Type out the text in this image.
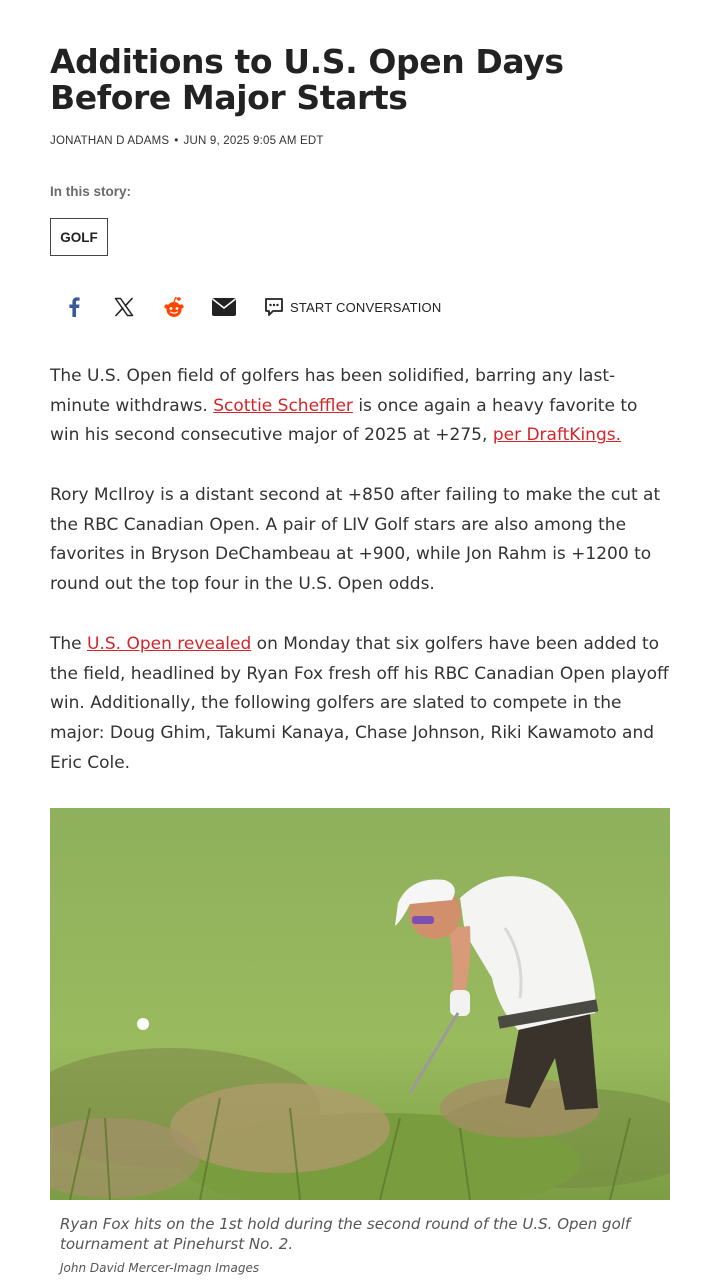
Additions to U.S. Open Days Before Major Starts
JONATHAN D ADAMS • JUN 9, 2025 9:05 AM EDT
In this story:
GOLF
START CONVERSATION

The U.S. Open field of golfers has been solidified, barring any last-minute withdraws. Scottie Scheffler is once again a heavy favorite to win his second consecutive major of 2025 at +275, per DraftKings.

Rory McIlroy is a distant second at +850 after failing to make the cut at the RBC Canadian Open. A pair of LIV Golf stars are also among the favorites in Bryson DeChambeau at +900, while Jon Rahm is +1200 to round out the top four in the U.S. Open odds.

The U.S. Open revealed on Monday that six golfers have been added to the field, headlined by Ryan Fox fresh off his RBC Canadian Open playoff win. Additionally, the following golfers are slated to compete in the major: Doug Ghim, Takumi Kanaya, Chase Johnson, Riki Kawamoto and Eric Cole.

Ryan Fox hits on the 1st hold during the second round of the U.S. Open golf tournament at Pinehurst No. 2.

John David Mercer-Imagn Images
